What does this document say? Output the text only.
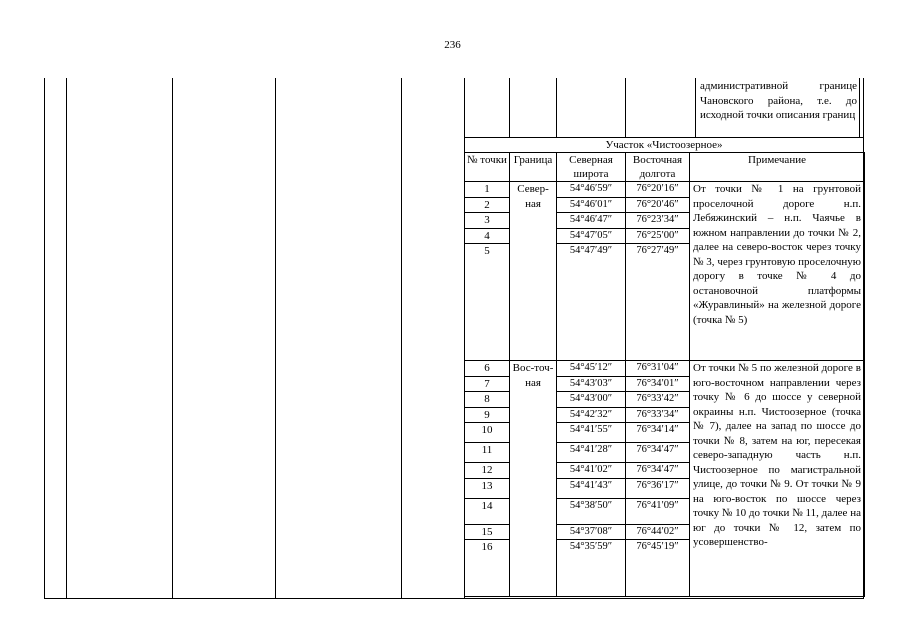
236
административной границе Чановского района, т.е. до исходной точки описания границ
Участок «Чистоозерное»
№ точки	Граница	Северная широта	Восточная долгота	Примечание
1	Север-ная	54°46′59″	76°20′16″	От точки № 1 на грунтовой проселочной дороге н.п. Лебяжинский – н.п. Чаячье в южном направлении до точки № 2, далее на северо-восток через точку № 3, через грунтовую проселочную дорогу в точке № 4 до остановочной платформы «Журавлиный» на железной дороге (точка № 5)
2		54°46′01″	76°20′46″	
3		54°46′47″	76°23′34″	
4		54°47′05″	76°25′00″	
5		54°47′49″	76°27′49″	
6	Вос-точ-ная	54°45′12″	76°31′04″	От точки № 5 по железной дороге в юго-восточном направлении через точку № 6 до шоссе у северной окраины н.п. Чистоозерное (точка № 7), далее на запад по шоссе до точки № 8, затем на юг, пересекая северо-западную часть н.п. Чистоозерное по магистральной улице, до точки № 9. От точки № 9 на юго-восток по шоссе через точку № 10 до точки № 11, далее на юг до точки № 12, затем по усовершенство-
7		54°43′03″	76°34′01″	
8		54°43′00″	76°33′42″	
9		54°42′32″	76°33′34″	
10		54°41′55″	76°34′14″	
11		54°41′28″	76°34′47″	
12		54°41′02″	76°34′47″	
13		54°41′43″	76°36′17″	
14		54°38′50″	76°41′09″	
15		54°37′08″	76°44′02″	
16		54°35′59″	76°45′19″	
